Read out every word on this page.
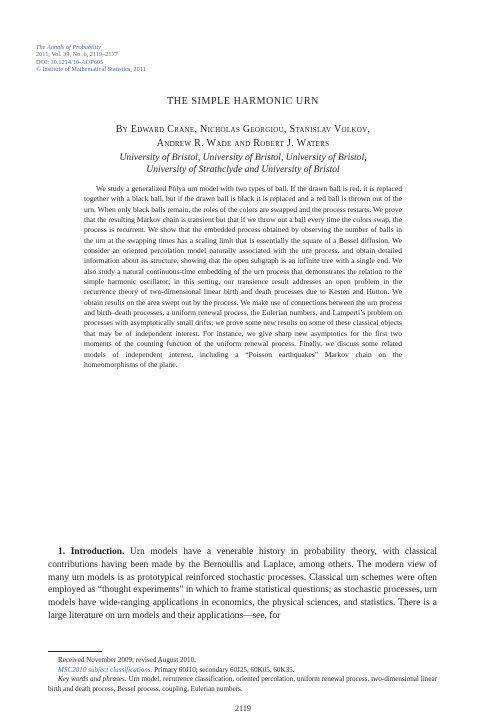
The Annals of Probability
2011, Vol. 39, No. 6, 2119–2177
DOI: 10.1214/10-AOP605
© Institute of Mathematical Statistics, 2011
THE SIMPLE HARMONIC URN
By Edward Crane, Nicholas Georgiou, Stanislav Volkov,
Andrew R. Wade and Robert J. Waters
University of Bristol, University of Bristol, University of Bristol,
University of Strathclyde and University of Bristol
We study a generalized Pólya urn model with two types of ball. If the drawn ball is red, it is replaced together with a black ball, but if the drawn ball is black it is replaced and a red ball is thrown out of the urn. When only black balls remain, the roles of the colors are swapped and the process restarts. We prove that the resulting Markov chain is transient but that if we throw out a ball every time the colors swap, the process is recurrent. We show that the embedded process obtained by observing the number of balls in the urn at the swapping times has a scaling limit that is essentially the square of a Bessel diffusion. We consider an oriented percolation model naturally associated with the urn process, and obtain detailed information about its structure, showing that the open subgraph is an infinite tree with a single end. We also study a natural continuous-time embedding of the urn process that demonstrates the relation to the simple harmonic oscillator; in this setting, our transience result addresses an open problem in the recurrence theory of two-dimensional linear birth and death processes due to Kesten and Hutton. We obtain results on the area swept out by the process. We make use of connections between the urn process and birth–death processes, a uniform renewal process, the Eulerian numbers, and Lamperti’s problem on processes with asymptotically small drifts; we prove some new results on some of these classical objects that may be of independent interest. For instance, we give sharp new asymptotics for the first two moments of the counting function of the uniform renewal process. Finally, we discuss some related models of independent interest, including a “Poisson earthquakes” Markov chain on the homeomorphisms of the plane.
1. Introduction. Urn models have a venerable history in probability theory, with classical contributions having been made by the Bernoullis and Laplace, among others. The modern view of many urn models is as prototypical reinforced stochastic processes. Classical urn schemes were often employed as “thought experiments” in which to frame statistical questions; as stochastic processes, urn models have wide-ranging applications in economics, the physical sciences, and statistics. There is a large literature on urn models and their applications—see, for

Received November 2009; revised August 2010.

MSC2010 subject classifications. Primary 60J10; secondary 60J25, 60K05, 60K35.

Key words and phrases. Urn model, recurrence classification, oriented percolation, uniform renewal process, two-dimensional linear birth and death process, Bessel process, coupling, Eulerian numbers.

2119
